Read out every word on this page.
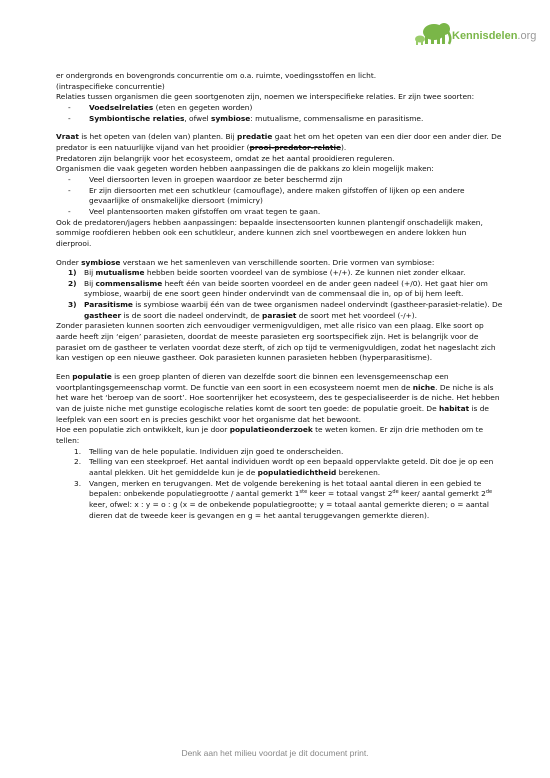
Kennisdelen.org

er ondergronds en bovengronds concurrentie om o.a. ruimte, voedingsstoffen en licht.

(intraspecifieke concurrentie)

Relaties tussen organismen die geen soortgenoten zijn, noemen we interspecifieke relaties. Er zijn twee soorten:

- Voedselrelaties (eten en gegeten worden)
- Symbiontische relaties, ofwel symbiose: mutualisme, commensalisme en parasitisme.

Vraat is het opeten van (delen van) planten. Bij predatie gaat het om het opeten van een dier door een ander dier. De predator is een natuurlijke vijand van het prooidier (prooi-predator-relatie).

Predatoren zijn belangrijk voor het ecosysteem, omdat ze het aantal prooidieren reguleren.

Organismen die vaak gegeten worden hebben aanpassingen die de pakkans zo klein mogelijk maken:

- Veel diersoorten leven in groepen waardoor ze beter beschermd zijn
- Er zijn diersoorten met een schutkleur (camouflage), andere maken gifstoffen of lijken op een andere gevaarlijke of onsmakelijke diersoort (mimicry)
- Veel plantensoorten maken gifstoffen om vraat tegen te gaan.

Ook de predatoren/jagers hebben aanpassingen: bepaalde insectensoorten kunnen plantengif onschadelijk maken, sommige roofdieren hebben ook een schutkleur, andere kunnen zich snel voortbewegen en andere lokken hun dierprooi.

Onder symbiose verstaan we het samenleven van verschillende soorten. Drie vormen van symbiose:

1) Bij mutualisme hebben beide soorten voordeel van de symbiose (+/+). Ze kunnen niet zonder elkaar.
2) Bij commensalisme heeft één van beide soorten voordeel en de ander geen nadeel (+/0). Het gaat hier om symbiose, waarbij de ene soort geen hinder ondervindt van de commensaal die in, op of bij hem leeft.
3) Parasitisme is symbiose waarbij één van de twee organismen nadeel ondervindt (gastheer-parasiet-relatie). De gastheer is de soort die nadeel ondervindt, de parasiet de soort met het voordeel (-/+).

Zonder parasieten kunnen soorten zich eenvoudiger vermenigvuldigen, met alle risico van een plaag. Elke soort op aarde heeft zijn ‘eigen’ parasieten, doordat de meeste parasieten erg soortspecifiek zijn. Het is belangrijk voor de parasiet om de gastheer te verlaten voordat deze sterft, of zich op tijd te vermenigvuldigen, zodat het nageslacht zich kan vestigen op een nieuwe gastheer. Ook parasieten kunnen parasieten hebben (hyperparasitisme).

Een populatie is een groep planten of dieren van dezelfde soort die binnen een levensgemeenschap een voortplantingsgemeenschap vormt. De functie van een soort in een ecosysteem noemt men de niche. De niche is als het ware het ‘beroep van de soort’. Hoe soortenrijker het ecosysteem, des te gespecialiseerder is de niche. Het hebben van de juiste niche met gunstige ecologische relaties komt de soort ten goede: de populatie groeit. De habitat is de leefplek van een soort en is precies geschikt voor het organisme dat het bewoont.

Hoe een populatie zich ontwikkelt, kun je door populatieonderzoek te weten komen. Er zijn drie methoden om te tellen:

1. Telling van de hele populatie. Individuen zijn goed te onderscheiden.
2. Telling van een steekproef. Het aantal individuen wordt op een bepaald oppervlakte geteld. Dit doe je op een aantal plekken. Uit het gemiddelde kun je de populatiedichtheid berekenen.
3. Vangen, merken en terugvangen. Met de volgende berekening is het totaal aantal dieren in een gebied te bepalen: onbekende populatiegrootte / aantal gemerkt 1ste keer = totaal vangst 2de keer/ aantal gemerkt 2de keer, ofwel: x : y = o : g (x = de onbekende populatiegrootte; y = totaal aantal gemerkte dieren; o = aantal dieren dat de tweede keer is gevangen en g = het aantal teruggevangen gemerkte dieren).
Denk aan het milieu voordat je dit document print.
